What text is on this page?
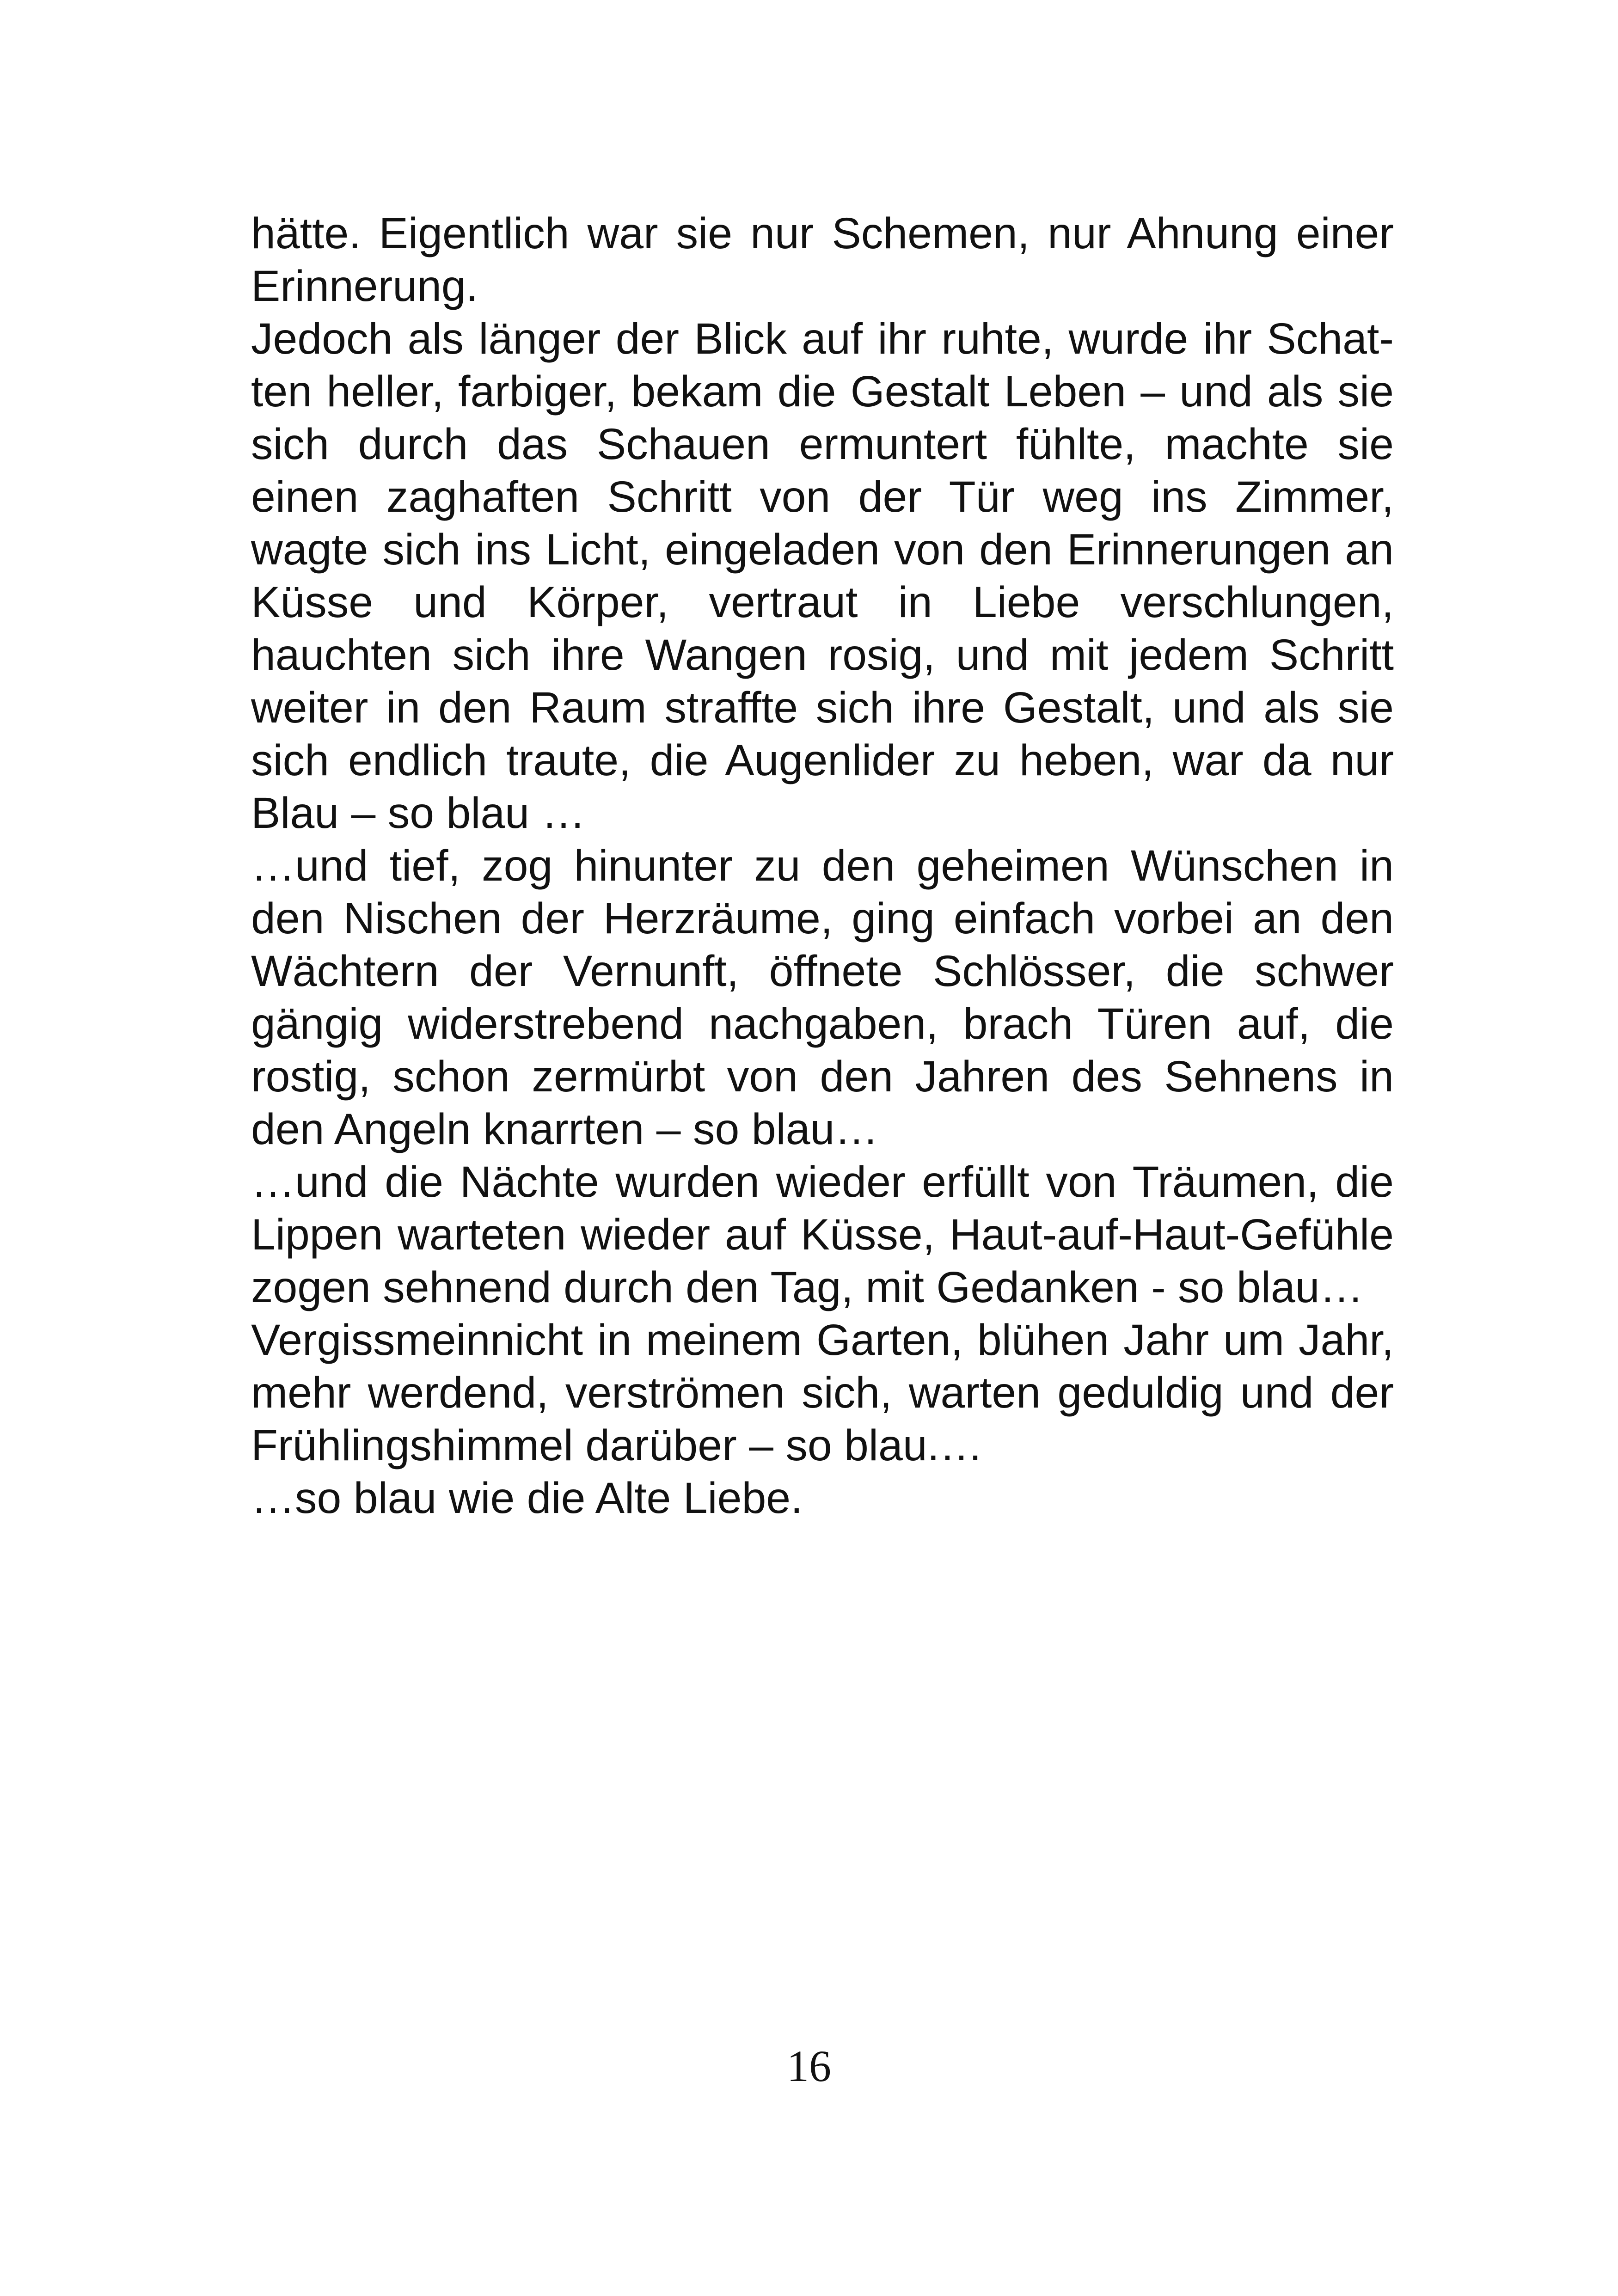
hätte. Eigentlich war sie nur Schemen, nur Ahnung einer Erinnerung.

Jedoch als länger der Blick auf ihr ruhte, wurde ihr Schatten heller, farbiger, bekam die Gestalt Leben – und als sie sich durch das Schauen ermuntert fühlte, machte sie einen zaghaften Schritt von der Tür weg ins Zimmer, wagte sich ins Licht, eingeladen von den Erinnerungen an Küsse und Körper, vertraut in Liebe verschlungen, hauchten sich ihre Wangen rosig, und mit jedem Schritt weiter in den Raum straffte sich ihre Gestalt, und als sie sich endlich traute, die Augenlider zu heben, war da nur Blau – so blau …

…und tief, zog hinunter zu den geheimen Wünschen in den Nischen der Herzräume, ging einfach vorbei an den Wächtern der Vernunft, öffnete Schlösser, die schwer gängig widerstrebend nachgaben, brach Türen auf, die rostig, schon zermürbt von den Jahren des Sehnens in den Angeln knarrten – so blau…

…und die Nächte wurden wieder erfüllt von Träumen, die Lippen warteten wieder auf Küsse, Haut-auf-Haut-Gefühle zogen sehnend durch den Tag, mit Gedanken - so blau…

Vergissmeinnicht in meinem Garten, blühen Jahr um Jahr, mehr werdend, verströmen sich, warten geduldig und der Frühlingshimmel darüber – so blau.…

…so blau wie die Alte Liebe.

16
